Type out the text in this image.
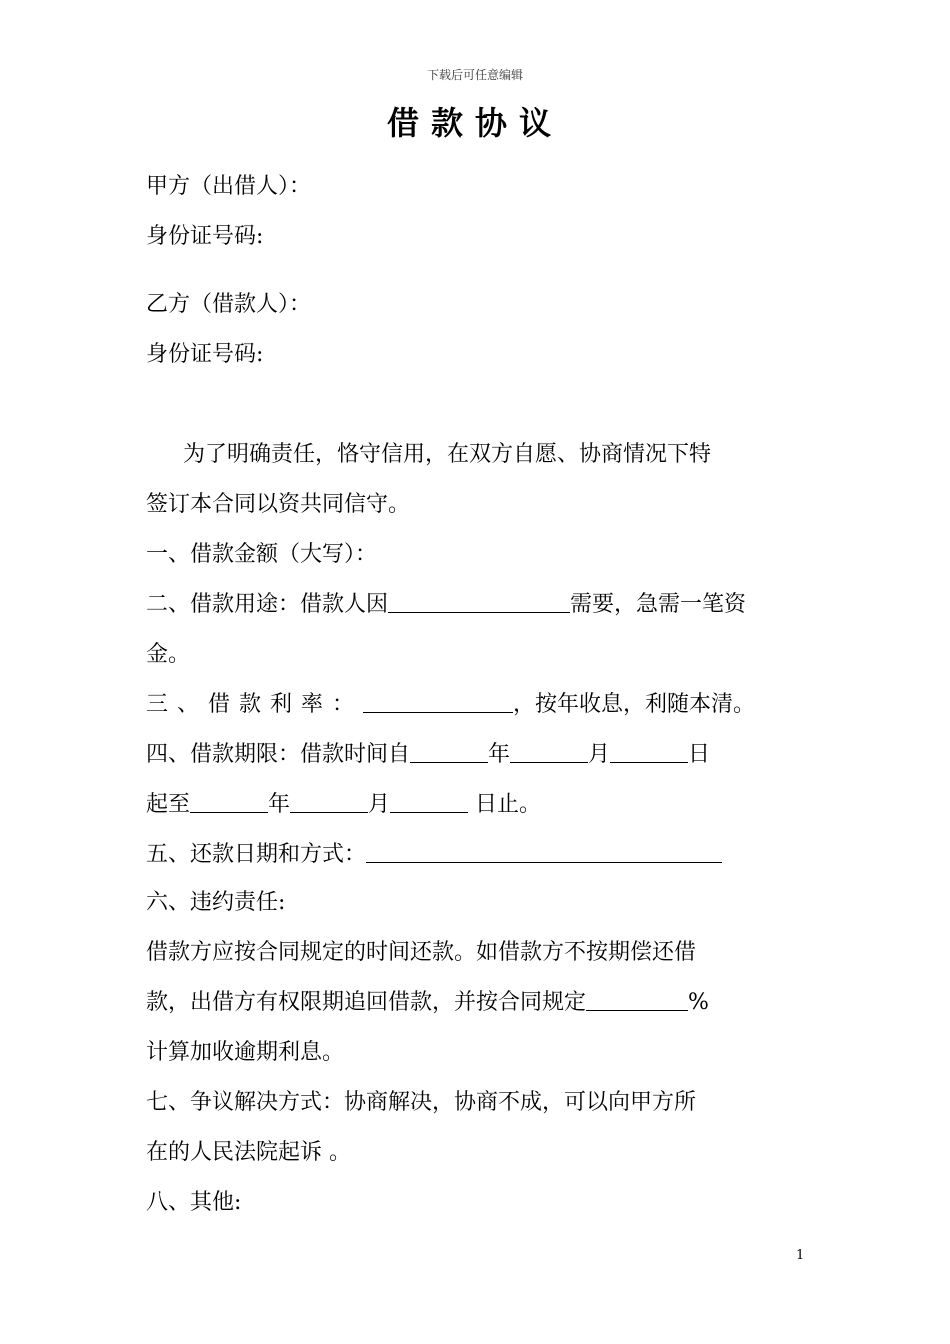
下载后可任意编辑
借款协议
甲方（出借人）：
身份证号码:
乙方（借款人）：
身份证号码:
为了明确责任，恪守信用，在双方自愿、协商情况下特
签订本合同以资共同信守。
一、借款金额（大写）：
二、借款用途：借款人因	需要，急需一笔资
金。
三、借款利率：	，按年收息，利随本清。
四、借款期限：借款时间自	年	月	日
起至	年	月	日止。
五、还款日期和方式：
六、违约责任:
借款方应按合同规定的时间还款。如借款方不按期偿还借
款，出借方有权限期追回借款，并按合同规定	%
计算加收逾期利息。
七、争议解决方式：协商解决，协商不成，可以向甲方所
在的人民法院起诉 。
八、其他:
1
